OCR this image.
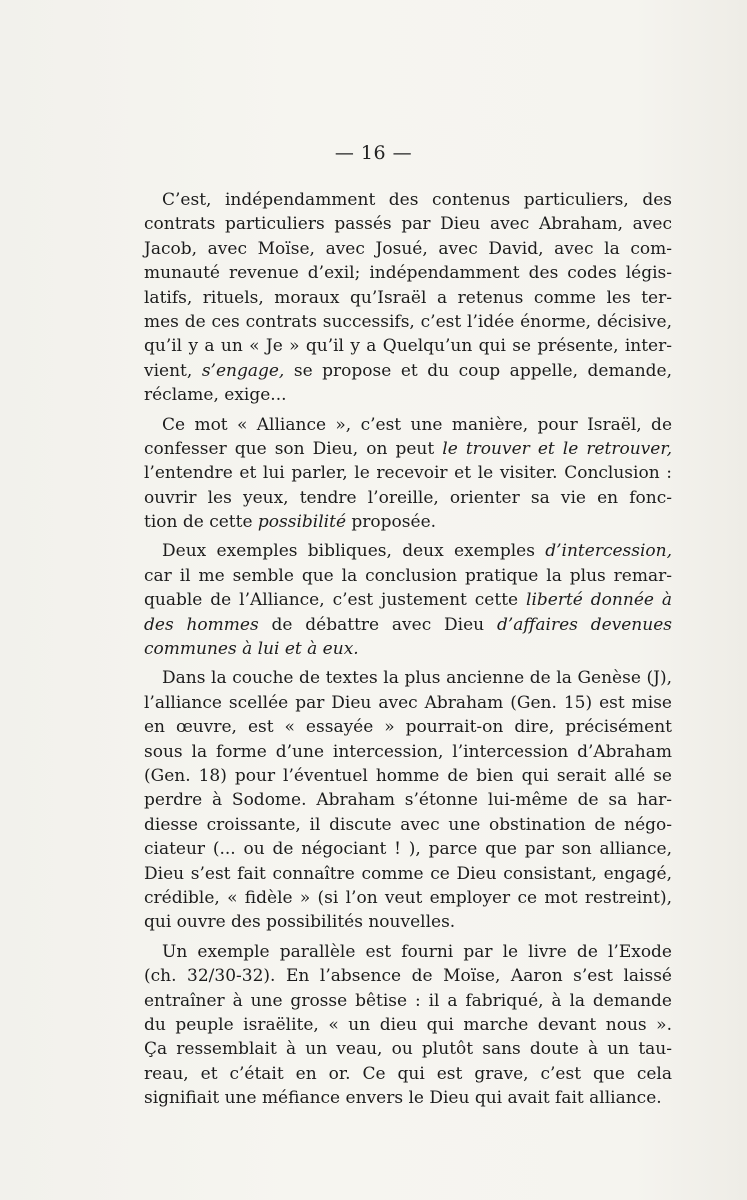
— 16 —
C’est, indépendamment des contenus particuliers, des
contrats particuliers passés par Dieu avec Abraham, avec
Jacob, avec Moïse, avec Josué, avec David, avec la com-
munauté revenue d’exil; indépendamment des codes légis-
latifs, rituels, moraux qu’Israël a retenus comme les ter-
mes de ces contrats successifs, c’est l’idée énorme, décisive,
qu’il y a un « Je » qu’il y a Quelqu’un qui se présente, inter-
vient, s’engage, se propose et du coup appelle, demande,
réclame, exige...
Ce mot « Alliance », c’est une manière, pour Israël, de
confesser que son Dieu, on peut le trouver et le retrouver,
l’entendre et lui parler, le recevoir et le visiter. Conclusion :
ouvrir les yeux, tendre l’oreille, orienter sa vie en fonc-
tion de cette possibilité proposée.
Deux exemples bibliques, deux exemples d’intercession,
car il me semble que la conclusion pratique la plus remar-
quable de l’Alliance, c’est justement cette liberté donnée à
des hommes de débattre avec Dieu d’affaires devenues
communes à lui et à eux.
Dans la couche de textes la plus ancienne de la Genèse (J),
l’alliance scellée par Dieu avec Abraham (Gen. 15) est mise
en œuvre, est « essayée » pourrait-on dire, précisément
sous la forme d’une intercession, l’intercession d’Abraham
(Gen. 18) pour l’éventuel homme de bien qui serait allé se
perdre à Sodome. Abraham s’étonne lui-même de sa har-
diesse croissante, il discute avec une obstination de négo-
ciateur (... ou de négociant ! ), parce que par son alliance,
Dieu s’est fait connaître comme ce Dieu consistant, engagé,
crédible, « fidèle » (si l’on veut employer ce mot restreint),
qui ouvre des possibilités nouvelles.
Un exemple parallèle est fourni par le livre de l’Exode
(ch. 32/30-32). En l’absence de Moïse, Aaron s’est laissé
entraîner à une grosse bêtise : il a fabriqué, à la demande
du peuple israëlite, « un dieu qui marche devant nous ».
Ça ressemblait à un veau, ou plutôt sans doute à un tau-
reau, et c’était en or. Ce qui est grave, c’est que cela
signifiait une méfiance envers le Dieu qui avait fait alliance.
